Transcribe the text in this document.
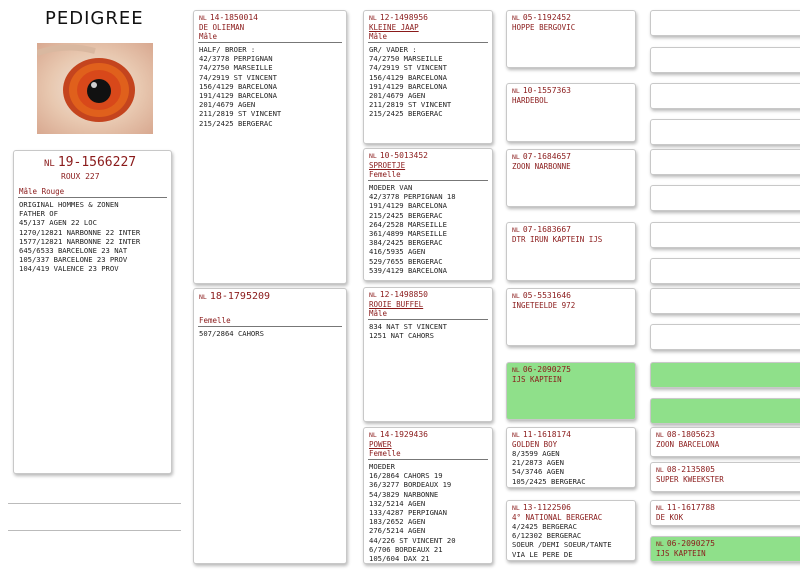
PEDIGREE
NL 19-1566227
ROUX 227
Mâle Rouge
ORIGINAL HOMMES & ZONEN
FATHER OF
45/137 AGEN 22 LOC
1270/12821 NARBONNE 22 INTER
1577/12821 NARBONNE 22 INTER
645/6533 BARCELONE 23 NAT
105/337 BARCELONE 23 PROV
104/419 VALENCE 23 PROV
NL 14-1850014
DE OLIEMAN
Mâle
HALF/ BROER :
42/3778 PERPIGNAN
74/2750 MARSEILLE
74/2919 ST VINCENT
156/4129 BARCELONA
191/4129 BARCELONA
201/4679 AGEN
211/2819 ST VINCENT
215/2425 BERGERAC
NL 18-1795209
Femelle
507/2864 CAHORS
NL 12-1498956
KLEINE JAAP
Mâle
GR/ VADER :
74/2750 MARSEILLE
74/2919 ST VINCENT
156/4129 BARCELONA
191/4129 BARCELONA
201/4679 AGEN
211/2819 ST VINCENT
215/2425 BERGERAC
NL 10-5013452
SPROETJE
Femelle
MOEDER VAN
42/3778 PERPIGNAN 18
191/4129 BARCELONA
215/2425 BERGERAC
264/2528 MARSEILLE
361/4899 MARSEILLE
384/2425 BERGERAC
416/5935 AGEN
529/7655 BERGERAC
539/4129 BARCELONA
NL 12-1498850
ROOIE BUFFEL
Mâle
834 NAT ST VINCENT
1251 NAT CAHORS
NL 14-1929436
POWER
Femelle
MOEDER
16/2864 CAHORS 19
36/3277 BORDEAUX 19
54/3829 NARBONNE
132/5214 AGEN
133/4287 PERPIGNAN
183/2652 AGEN
276/5214 AGEN
44/226 ST VINCENT 20
6/706 BORDEAUX 21
105/604 DAX 21
NL 05-1192452
HOPPE BERGOVIC
NL 10-1557363
HARDEBOL
NL 07-1684657
ZOON NARBONNE
NL 07-1683667
DTR IRUN KAPTEIN IJS
NL 05-5531646
INGETEELDE 972
NL 06-2090275
IJS KAPTEIN
NL 11-1618174
GOLDEN BOY
8/3599 AGEN
21/2873 AGEN
54/3746 AGEN
105/2425 BERGERAC
NL 13-1122506
4° NATIONAL BERGERAC
4/2425 BERGERAC
6/12302 BERGERAC
SOEUR /DEMI SOEUR/TANTE
VIA LE PERE DE
NL 08-1805623
ZOON BARCELONA
NL 08-2135805
SUPER KWEEKSTER
NL 11-1617788
DE KOK
NL 06-2090275
IJS KAPTEIN
